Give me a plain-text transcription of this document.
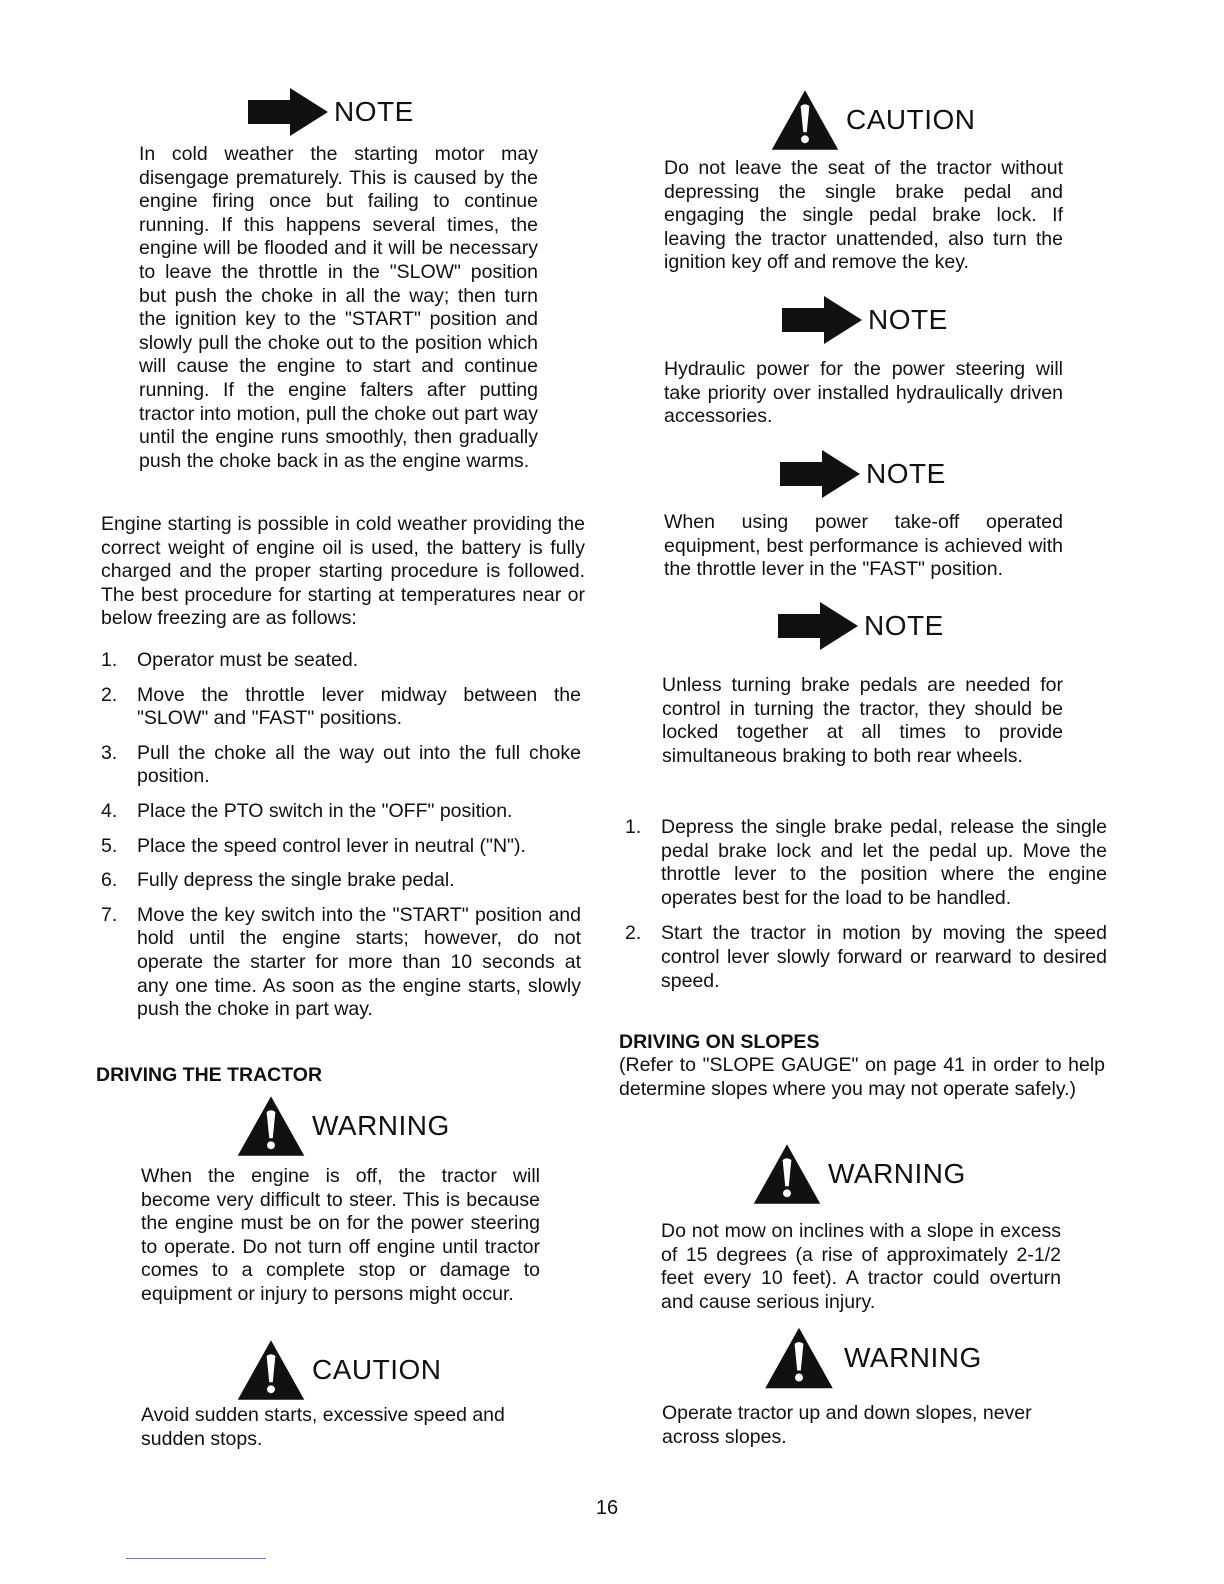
NOTE

In cold weather the starting motor may disengage prematurely. This is caused by the engine firing once but failing to continue running. If this happens several times, the engine will be flooded and it will be necessary to leave the throttle in the "SLOW" position but push the choke in all the way; then turn the ignition key to the "START" position and slowly pull the choke out to the position which will cause the engine to start and continue running. If the engine falters after putting tractor into motion, pull the choke out part way until the engine runs smoothly, then gradually push the choke back in as the engine warms.

Engine starting is possible in cold weather providing the correct weight of engine oil is used, the battery is fully charged and the proper starting procedure is followed. The best procedure for starting at temperatures near or below freezing are as follows:

1. Operator must be seated.
2. Move the throttle lever midway between the "SLOW" and "FAST" positions.
3. Pull the choke all the way out into the full choke position.
4. Place the PTO switch in the "OFF" position.
5. Place the speed control lever in neutral ("N").
6. Fully depress the single brake pedal.
7. Move the key switch into the "START" position and hold until the engine starts; however, do not operate the starter for more than 10 seconds at any one time. As soon as the engine starts, slowly push the choke in part way.
DRIVING THE TRACTOR
WARNING

When the engine is off, the tractor will become very difficult to steer. This is because the engine must be on for the power steering to operate. Do not turn off engine until tractor comes to a complete stop or damage to equipment or injury to persons might occur.

CAUTION

Avoid sudden starts, excessive speed and sudden stops.

CAUTION

Do not leave the seat of the tractor without depressing the single brake pedal and engaging the single pedal brake lock. If leaving the tractor unattended, also turn the ignition key off and remove the key.

NOTE

Hydraulic power for the power steering will take priority over installed hydraulically driven accessories.

NOTE

When using power take-off operated equipment, best performance is achieved with the throttle lever in the "FAST" position.

NOTE

Unless turning brake pedals are needed for control in turning the tractor, they should be locked together at all times to provide simultaneous braking to both rear wheels.

1. Depress the single brake pedal, release the single pedal brake lock and let the pedal up. Move the throttle lever to the position where the engine operates best for the load to be handled.
2. Start the tractor in motion by moving the speed control lever slowly forward or rearward to desired speed.
DRIVING ON SLOPES

(Refer to "SLOPE GAUGE" on page 41 in order to help determine slopes where you may not operate safely.)

WARNING

Do not mow on inclines with a slope in excess of 15 degrees (a rise of approximately 2-1/2 feet every 10 feet). A tractor could overturn and cause serious injury.

WARNING

Operate tractor up and down slopes, never across slopes.

16
